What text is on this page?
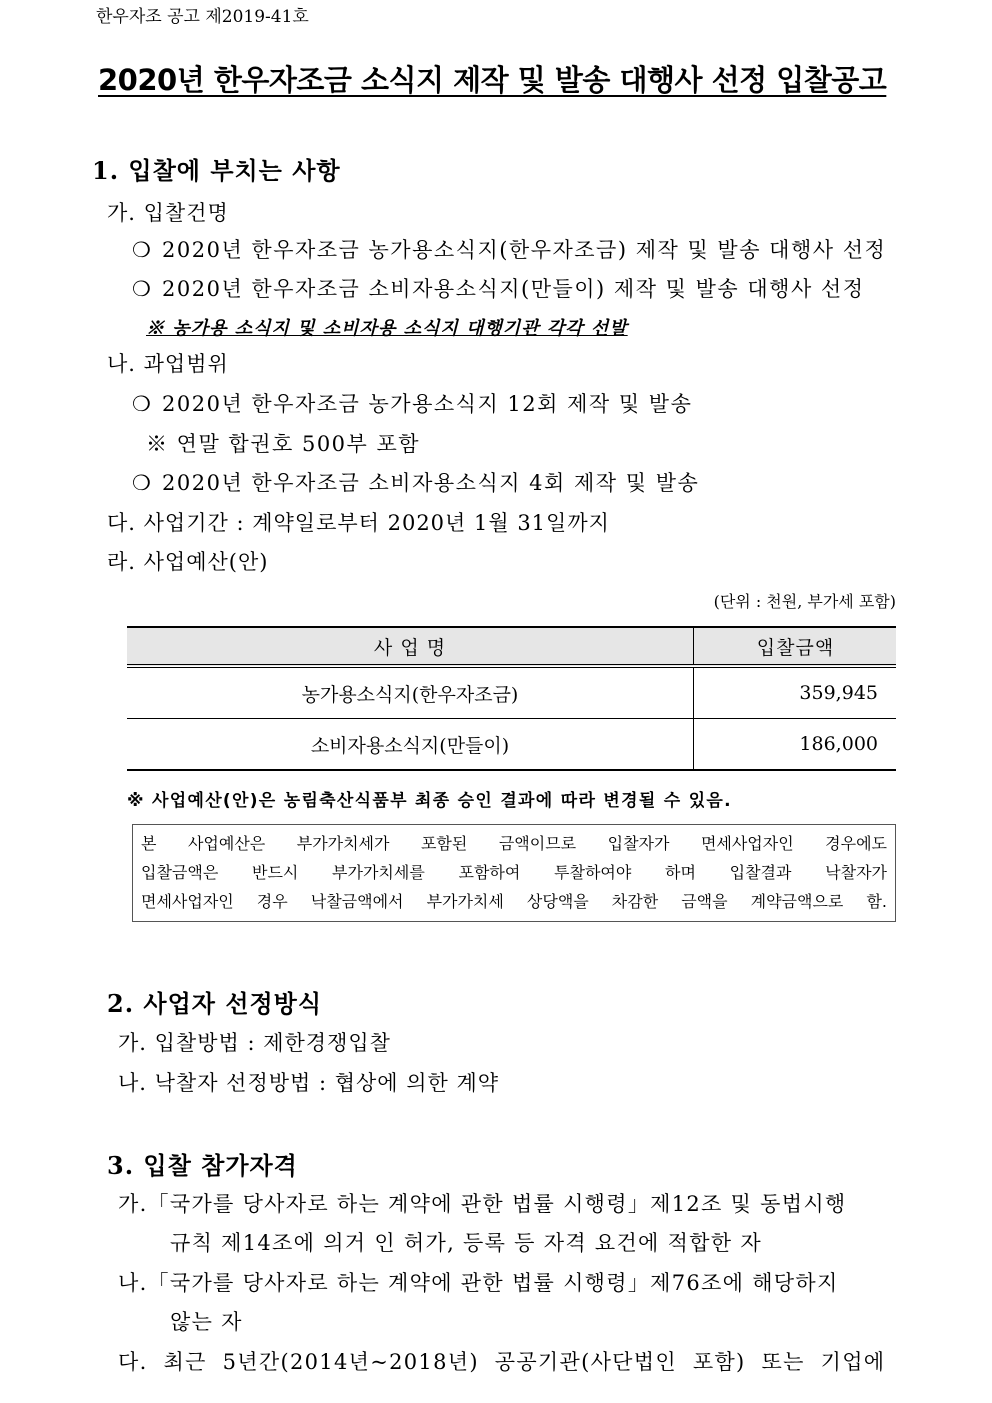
한우자조 공고 제2019-41호
2020년 한우자조금 소식지 제작 및 발송 대행사 선정 입찰공고
1. 입찰에 부치는 사항
가. 입찰건명
❍ 2020년 한우자조금 농가용소식지(한우자조금) 제작 및 발송 대행사 선정
❍ 2020년 한우자조금 소비자용소식지(만들이) 제작 및 발송 대행사 선정
※ 농가용 소식지 및 소비자용 소식지 대행기관 각각 선발
나. 과업범위
❍ 2020년 한우자조금 농가용소식지 12회 제작 및 발송
※ 연말 합권호 500부 포함
❍ 2020년 한우자조금 소비자용소식지 4회 제작 및 발송
다. 사업기간 : 계약일로부터 2020년 1월 31일까지
라. 사업예산(안)
(단위 : 천원, 부가세 포함)
사 업 명	입찰금액
농가용소식지(한우자조금)	359,945
소비자용소식지(만들이)	186,000
※ 사업예산(안)은 농림축산식품부 최종 승인 결과에 따라 변경될 수 있음.
본 사업예산은 부가가치세가 포함된 금액이므로 입찰자가 면세사업자인 경우에도
입찰금액은 반드시 부가가치세를 포함하여 투찰하여야 하며 입찰결과 낙찰자가
면세사업자인 경우 낙찰금액에서 부가가치세 상당액을 차감한 금액을 계약금액으로 함.
2. 사업자 선정방식
가. 입찰방법 : 제한경쟁입찰
나. 낙찰자 선정방법 : 협상에 의한 계약
3. 입찰 참가자격
가.「국가를 당사자로 하는 계약에 관한 법률 시행령」제12조 및 동법시행
규칙 제14조에 의거 인 허가, 등록 등 자격 요건에 적합한 자
나.「국가를 당사자로 하는 계약에 관한 법률 시행령」제76조에 해당하지
않는 자
다.  최근  5년간(2014년~2018년)  공공기관(사단법인  포함)  또는  기업에
